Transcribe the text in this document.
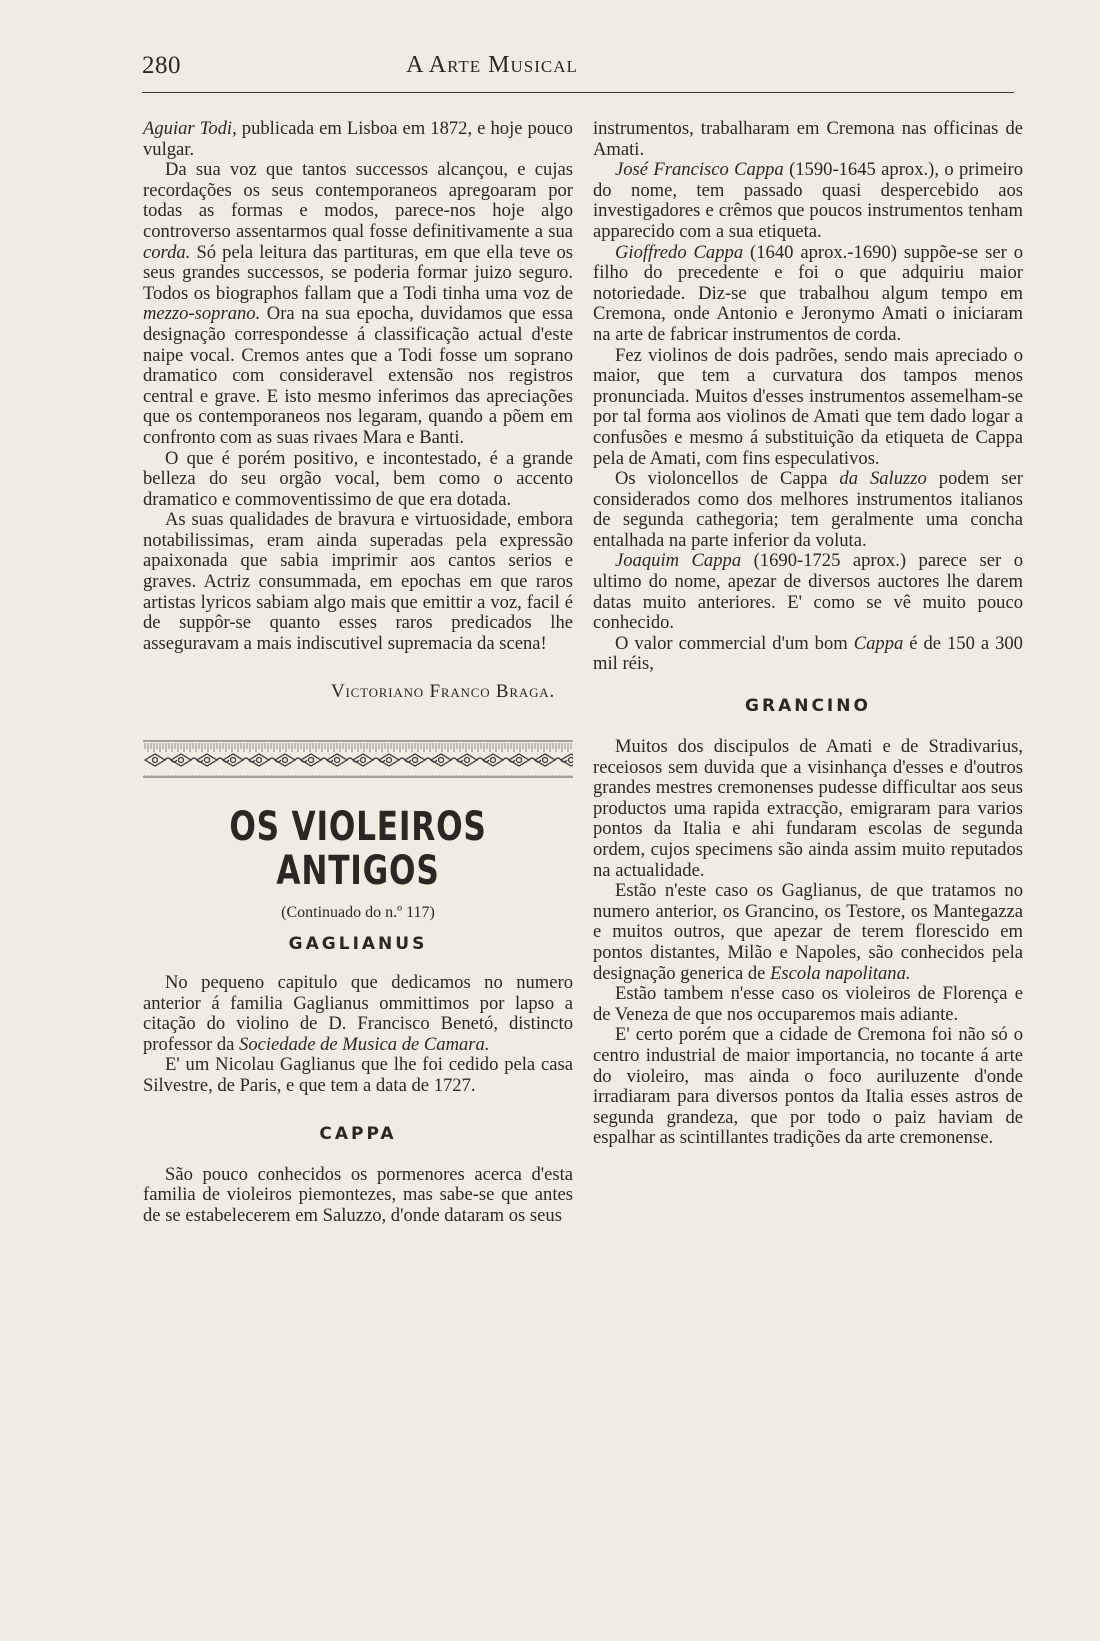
280	A Arte Musical

Aguiar Todi, publicada em Lisboa em 1872, e hoje pouco vulgar.

Da sua voz que tantos successos alcançou, e cujas recordações os seus contemporaneos apregoaram por todas as formas e modos, parece-nos hoje algo controverso assentarmos qual fosse definitivamente a sua corda. Só pela leitura das partituras, em que ella teve os seus grandes successos, se poderia formar juizo seguro. Todos os biographos fallam que a Todi tinha uma voz de mezzo-soprano. Ora na sua epocha, duvidamos que essa designação correspondesse á classificação actual d'este naipe vocal. Cremos antes que a Todi fosse um soprano dramatico com consideravel extensão nos registros central e grave. E isto mesmo inferimos das apreciações que os contemporaneos nos legaram, quando a põem em confronto com as suas rivaes Mara e Banti.

O que é porém positivo, e incontestado, é a grande belleza do seu orgão vocal, bem como o accento dramatico e commoventissimo de que era dotada.

As suas qualidades de bravura e virtuosidade, embora notabilissimas, eram ainda superadas pela expressão apaixonada que sabia imprimir aos cantos serios e graves. Actriz consummada, em epochas em que raros artistas lyricos sabiam algo mais que emittir a voz, facil é de suppôr-se quanto esses raros predicados lhe asseguravam a mais indiscutivel supremacia da scena!

Victoriano Franco Braga.
OS VIOLEIROS ANTIGOS
(Continuado do n.º 117)
GAGLIANUS

No pequeno capitulo que dedicamos no numero anterior á familia Gaglianus ommittimos por lapso a citação do violino de D. Francisco Benetó, distincto professor da Sociedade de Musica de Camara.

E' um Nicolau Gaglianus que lhe foi cedido pela casa Silvestre, de Paris, e que tem a data de 1727.

CAPPA

São pouco conhecidos os pormenores acerca d'esta familia de violeiros piemontezes, mas sabe-se que antes de se estabelecerem em Saluzzo, d'onde dataram os seus

instrumentos, trabalharam em Cremona nas officinas de Amati.

José Francisco Cappa (1590-1645 aprox.), o primeiro do nome, tem passado quasi despercebido aos investigadores e crêmos que poucos instrumentos tenham apparecido com a sua etiqueta.

Gioffredo Cappa (1640 aprox.-1690) suppõe-se ser o filho do precedente e foi o que adquiriu maior notoriedade. Diz-se que trabalhou algum tempo em Cremona, onde Antonio e Jeronymo Amati o iniciaram na arte de fabricar instrumentos de corda.

Fez violinos de dois padrões, sendo mais apreciado o maior, que tem a curvatura dos tampos menos pronunciada. Muitos d'esses instrumentos assemelham-se por tal forma aos violinos de Amati que tem dado logar a confusões e mesmo á substituição da etiqueta de Cappa pela de Amati, com fins especulativos.

Os violoncellos de Cappa da Saluzzo podem ser considerados como dos melhores instrumentos italianos de segunda cathegoria; tem geralmente uma concha entalhada na parte inferior da voluta.

Joaquim Cappa (1690-1725 aprox.) parece ser o ultimo do nome, apezar de diversos auctores lhe darem datas muito anteriores. E' como se vê muito pouco conhecido.

O valor commercial d'um bom Cappa é de 150 a 300 mil réis,

GRANCINO

Muitos dos discipulos de Amati e de Stradivarius, receiosos sem duvida que a visinhança d'esses e d'outros grandes mestres cremonenses pudesse difficultar aos seus productos uma rapida extracção, emigraram para varios pontos da Italia e ahi fundaram escolas de segunda ordem, cujos specimens são ainda assim muito reputados na actualidade.

Estão n'este caso os Gaglianus, de que tratamos no numero anterior, os Grancino, os Testore, os Mantegazza e muitos outros, que apezar de terem florescido em pontos distantes, Milão e Napoles, são conhecidos pela designação generica de Escola napolitana.

Estão tambem n'esse caso os violeiros de Florença e de Veneza de que nos occuparemos mais adiante.

E' certo porém que a cidade de Cremona foi não só o centro industrial de maior importancia, no tocante á arte do violeiro, mas ainda o foco auriluzente d'onde irradiaram para diversos pontos da Italia esses astros de segunda grandeza, que por todo o paiz haviam de espalhar as scintillantes tradições da arte cremonense.
